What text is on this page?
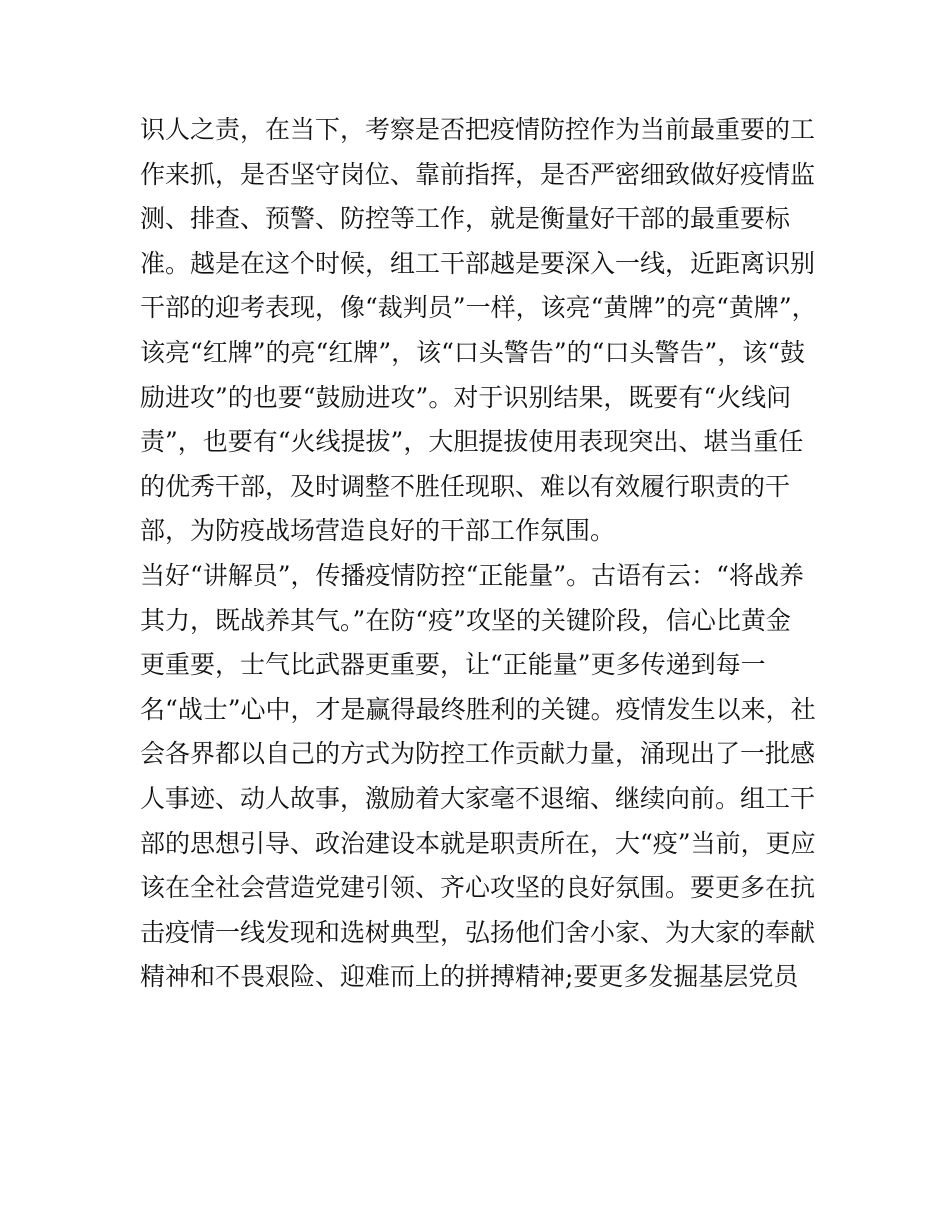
识人之责，在当下，考察是否把疫情防控作为当前最重要的工
作来抓，是否坚守岗位、靠前指挥，是否严密细致做好疫情监
测、排查、预警、防控等工作，就是衡量好干部的最重要标
准。越是在这个时候，组工干部越是要深入一线，近距离识别
干部的迎考表现，像“裁判员”一样，该亮“黄牌”的亮“黄牌”，
该亮“红牌”的亮“红牌”，该“口头警告”的“口头警告”，该“鼓
励进攻”的也要“鼓励进攻”。对于识别结果，既要有“火线问
责”，也要有“火线提拔”，大胆提拔使用表现突出、堪当重任
的优秀干部，及时调整不胜任现职、难以有效履行职责的干
部，为防疫战场营造良好的干部工作氛围。
当好“讲解员”，传播疫情防控“正能量”。古语有云：“将战养
其力，既战养其气。”在防“疫”攻坚的关键阶段，信心比黄金
更重要，士气比武器更重要，让“正能量”更多传递到每一
名“战士”心中，才是赢得最终胜利的关键。疫情发生以来，社
会各界都以自己的方式为防控工作贡献力量，涌现出了一批感
人事迹、动人故事，激励着大家毫不退缩、继续向前。组工干
部的思想引导、政治建设本就是职责所在，大“疫”当前，更应
该在全社会营造党建引领、齐心攻坚的良好氛围。要更多在抗
击疫情一线发现和选树典型，弘扬他们舍小家、为大家的奉献
精神和不畏艰险、迎难而上的拼搏精神;要更多发掘基层党员
